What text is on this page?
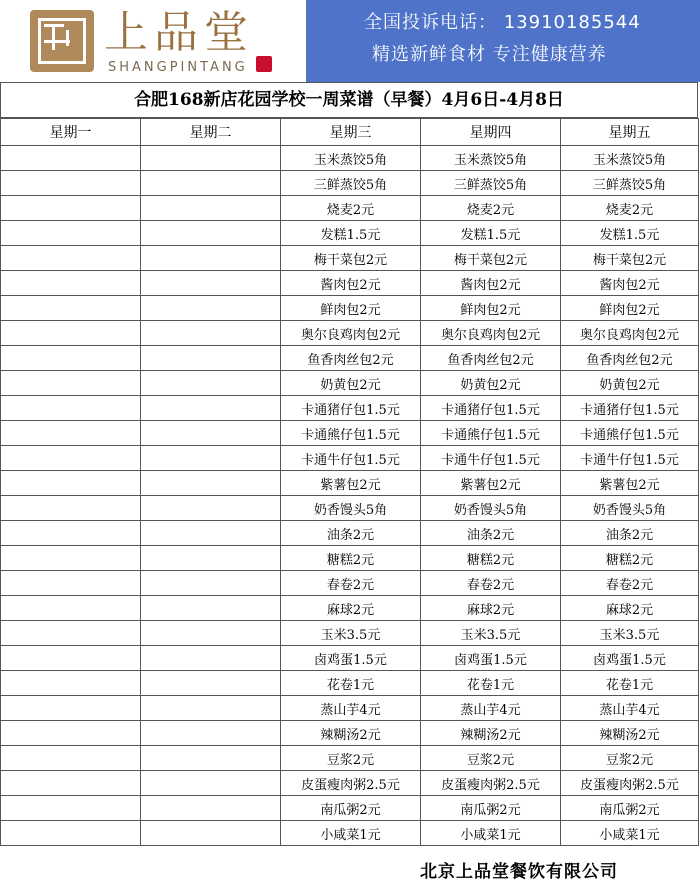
上品堂
SHANGPINTANG
全国投诉电话： 13910185544
精选新鲜食材 专注健康营养
合肥168新店花园学校一周菜谱（早餐）4月6日-4月8日
星期一	星期二	星期三	星期四	星期五
		玉米蒸饺5角	玉米蒸饺5角	玉米蒸饺5角
		三鲜蒸饺5角	三鲜蒸饺5角	三鲜蒸饺5角
		烧麦2元	烧麦2元	烧麦2元
		发糕1.5元	发糕1.5元	发糕1.5元
		梅干菜包2元	梅干菜包2元	梅干菜包2元
		酱肉包2元	酱肉包2元	酱肉包2元
		鲜肉包2元	鲜肉包2元	鲜肉包2元
		奥尔良鸡肉包2元	奥尔良鸡肉包2元	奥尔良鸡肉包2元
		鱼香肉丝包2元	鱼香肉丝包2元	鱼香肉丝包2元
		奶黄包2元	奶黄包2元	奶黄包2元
		卡通猪仔包1.5元	卡通猪仔包1.5元	卡通猪仔包1.5元
		卡通熊仔包1.5元	卡通熊仔包1.5元	卡通熊仔包1.5元
		卡通牛仔包1.5元	卡通牛仔包1.5元	卡通牛仔包1.5元
		紫薯包2元	紫薯包2元	紫薯包2元
		奶香馒头5角	奶香馒头5角	奶香馒头5角
		油条2元	油条2元	油条2元
		糖糕2元	糖糕2元	糖糕2元
		春卷2元	春卷2元	春卷2元
		麻球2元	麻球2元	麻球2元
		玉米3.5元	玉米3.5元	玉米3.5元
		卤鸡蛋1.5元	卤鸡蛋1.5元	卤鸡蛋1.5元
		花卷1元	花卷1元	花卷1元
		蒸山芋4元	蒸山芋4元	蒸山芋4元
		辣糊汤2元	辣糊汤2元	辣糊汤2元
		豆浆2元	豆浆2元	豆浆2元
		皮蛋瘦肉粥2.5元	皮蛋瘦肉粥2.5元	皮蛋瘦肉粥2.5元
		南瓜粥2元	南瓜粥2元	南瓜粥2元
		小咸菜1元	小咸菜1元	小咸菜1元
北京上品堂餐饮有限公司
